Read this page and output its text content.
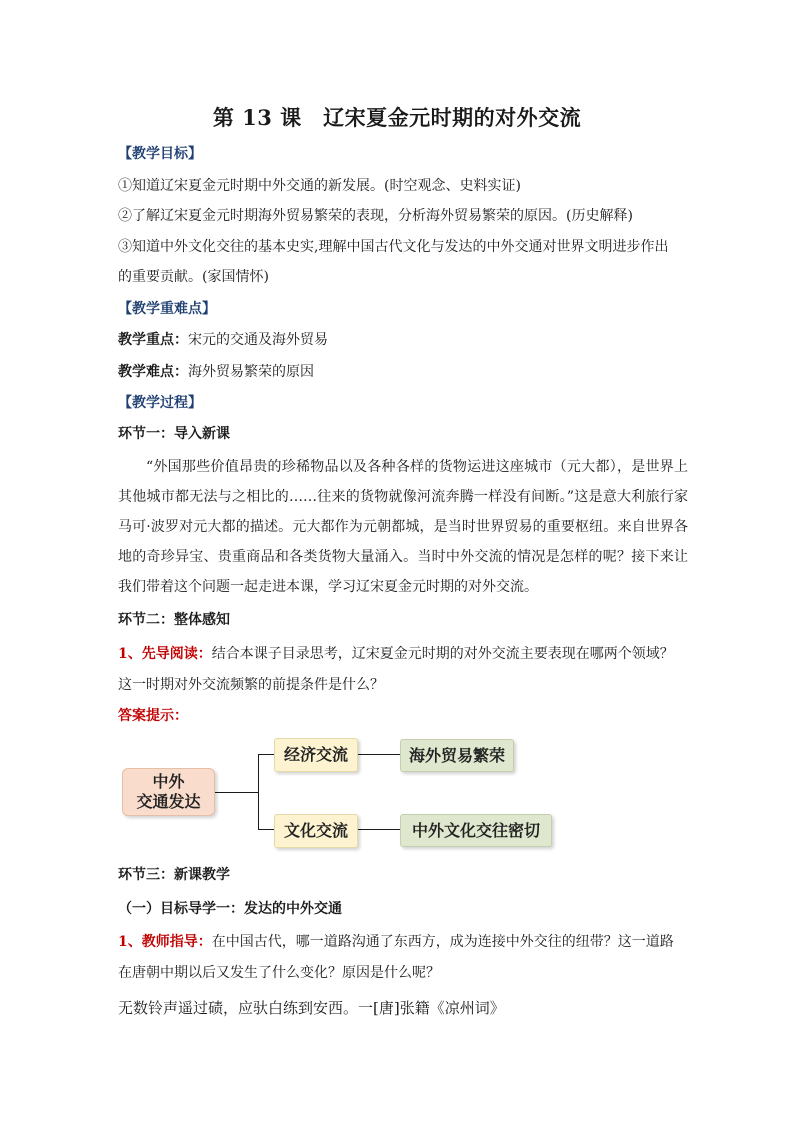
第 13 课　辽宋夏金元时期的对外交流
【教学目标】
①知道辽宋夏金元时期中外交通的新发展。(时空观念、史料实证)
②了解辽宋夏金元时期海外贸易繁荣的表现，分析海外贸易繁荣的原因。(历史解释)
③知道中外文化交往的基本史实,理解中国古代文化与发达的中外交通对世界文明进步作出
的重要贡献。(家国情怀)
【教学重难点】
教学重点：宋元的交通及海外贸易
教学难点：海外贸易繁荣的原因
【教学过程】
环节一：导入新课
“外国那些价值昂贵的珍稀物品以及各种各样的货物运进这座城市（元大都），是世界上其他城市都无法与之相比的……往来的货物就像河流奔腾一样没有间断。”这是意大利旅行家马可·波罗对元大都的描述。元大都作为元朝都城，是当时世界贸易的重要枢纽。来自世界各地的奇珍异宝、贵重商品和各类货物大量涌入。当时中外交流的情况是怎样的呢？接下来让我们带着这个问题一起走进本课，学习辽宋夏金元时期的对外交流。
环节二：整体感知
1、先导阅读：结合本课子目录思考，辽宋夏金元时期的对外交流主要表现在哪两个领域？
这一时期对外交流频繁的前提条件是什么？
答案提示：
中外
交通发达
经济交流	海外贸易繁荣
文化交流	中外文化交往密切
环节三：新课教学
（一）目标导学一：发达的中外交通
1、教师指导：在中国古代，哪一道路沟通了东西方，成为连接中外交往的纽带？这一道路
在唐朝中期以后又发生了什么变化？原因是什么呢？
无数铃声遥过碛，应驮白练到安西。一[唐]张籍《凉州词》
